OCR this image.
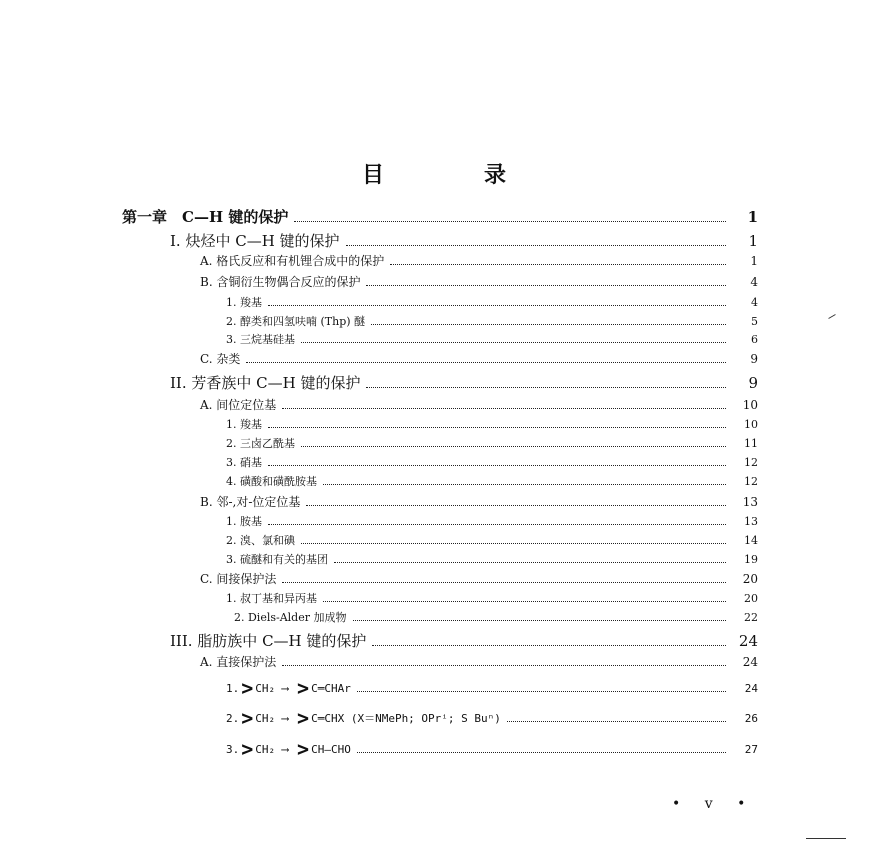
目	录
第一章　C—H 键的保护	1
I. 炔烃中 C—H 键的保护	1
A. 格氏反应和有机锂合成中的保护	1
B. 含铜衍生物偶合反应的保护	4
1. 羧基	4
2. 醇类和四氢呋喃 (Thp) 醚	5
3. 三烷基硅基	6
C. 杂类	9
II. 芳香族中 C—H 键的保护	9
A. 间位定位基	10
1. 羧基	10
2. 三卤乙酰基	11
3. 硝基	12
4. 磺酸和磺酰胺基	12
B. 邻-,对-位定位基	13
1. 胺基	13
2. 溴、氯和碘	14
3. 硫醚和有关的基团	19
C. 间接保护法	20
1. 叔丁基和异丙基	20
2. Diels-Alder 加成物	22
III. 脂肪族中 C—H 键的保护	24
A. 直接保护法	24
1. > CH₂ ⟶ > C═CHAr	24
2. > CH₂ ⟶ > C═CHX (X＝NMePh; OPrⁱ; S Buⁿ)	26
3. > CH₂ ⟶ > CH—CHO	27
• v •
